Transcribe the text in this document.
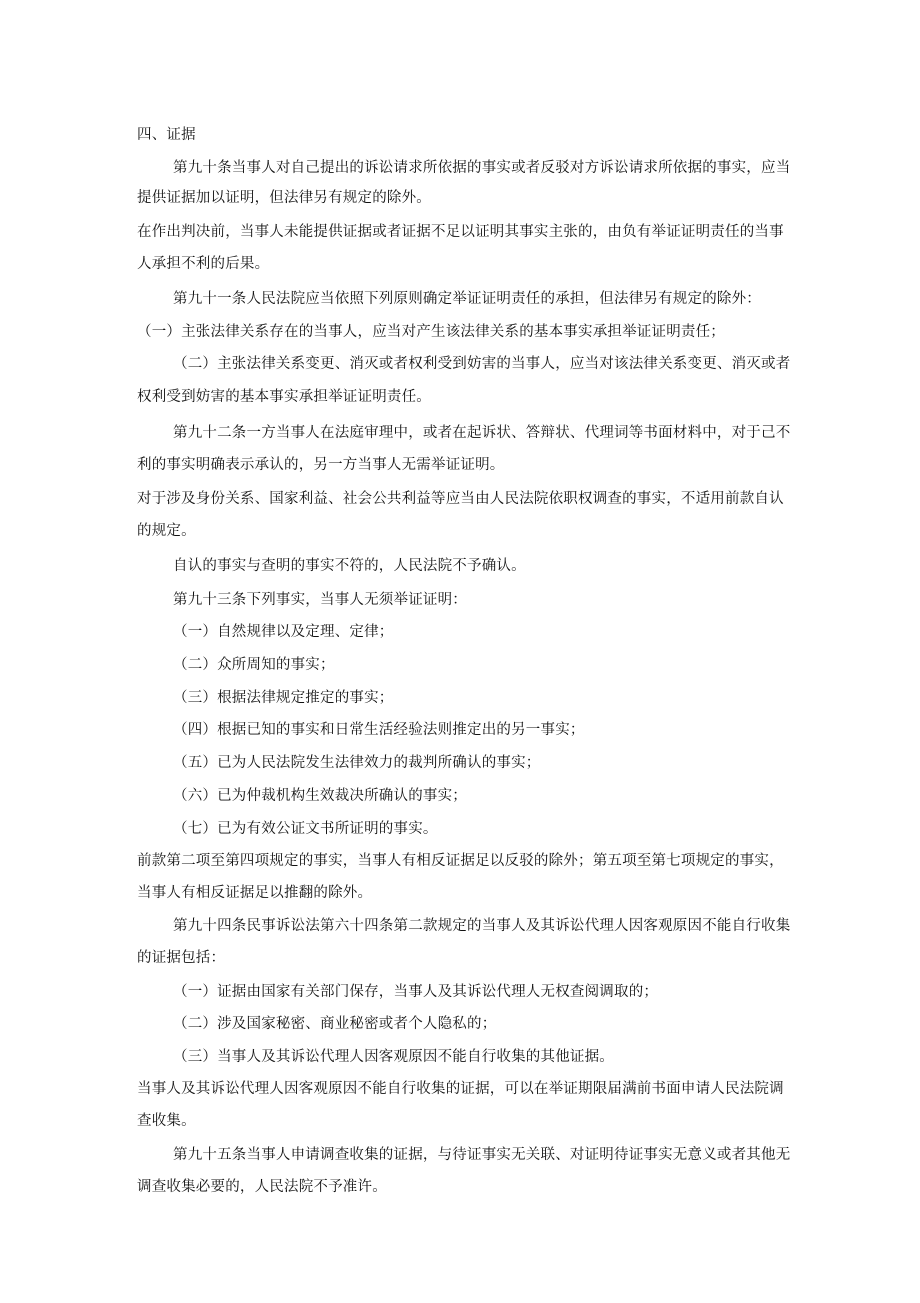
四、证据
第九十条当事人对自己提出的诉讼请求所依据的事实或者反驳对方诉讼请求所依据的事实，应当
提供证据加以证明，但法律另有规定的除外。
在作出判决前，当事人未能提供证据或者证据不足以证明其事实主张的，由负有举证证明责任的当事
人承担不利的后果。
第九十一条人民法院应当依照下列原则确定举证证明责任的承担，但法律另有规定的除外：
（一）主张法律关系存在的当事人，应当对产生该法律关系的基本事实承担举证证明责任；
（二）主张法律关系变更、消灭或者权利受到妨害的当事人，应当对该法律关系变更、消灭或者
权利受到妨害的基本事实承担举证证明责任。
第九十二条一方当事人在法庭审理中，或者在起诉状、答辩状、代理词等书面材料中，对于己不
利的事实明确表示承认的，另一方当事人无需举证证明。
对于涉及身份关系、国家利益、社会公共利益等应当由人民法院依职权调查的事实，不适用前款自认
的规定。
自认的事实与查明的事实不符的，人民法院不予确认。
第九十三条下列事实，当事人无须举证证明：
（一）自然规律以及定理、定律；
（二）众所周知的事实；
（三）根据法律规定推定的事实；
（四）根据已知的事实和日常生活经验法则推定出的另一事实；
（五）已为人民法院发生法律效力的裁判所确认的事实；
（六）已为仲裁机构生效裁决所确认的事实；
（七）已为有效公证文书所证明的事实。
前款第二项至第四项规定的事实，当事人有相反证据足以反驳的除外；第五项至第七项规定的事实，
当事人有相反证据足以推翻的除外。
第九十四条民事诉讼法第六十四条第二款规定的当事人及其诉讼代理人因客观原因不能自行收集
的证据包括：
（一）证据由国家有关部门保存，当事人及其诉讼代理人无权查阅调取的；
（二）涉及国家秘密、商业秘密或者个人隐私的；
（三）当事人及其诉讼代理人因客观原因不能自行收集的其他证据。
当事人及其诉讼代理人因客观原因不能自行收集的证据，可以在举证期限届满前书面申请人民法院调
查收集。
第九十五条当事人申请调查收集的证据，与待证事实无关联、对证明待证事实无意义或者其他无
调查收集必要的，人民法院不予准许。
